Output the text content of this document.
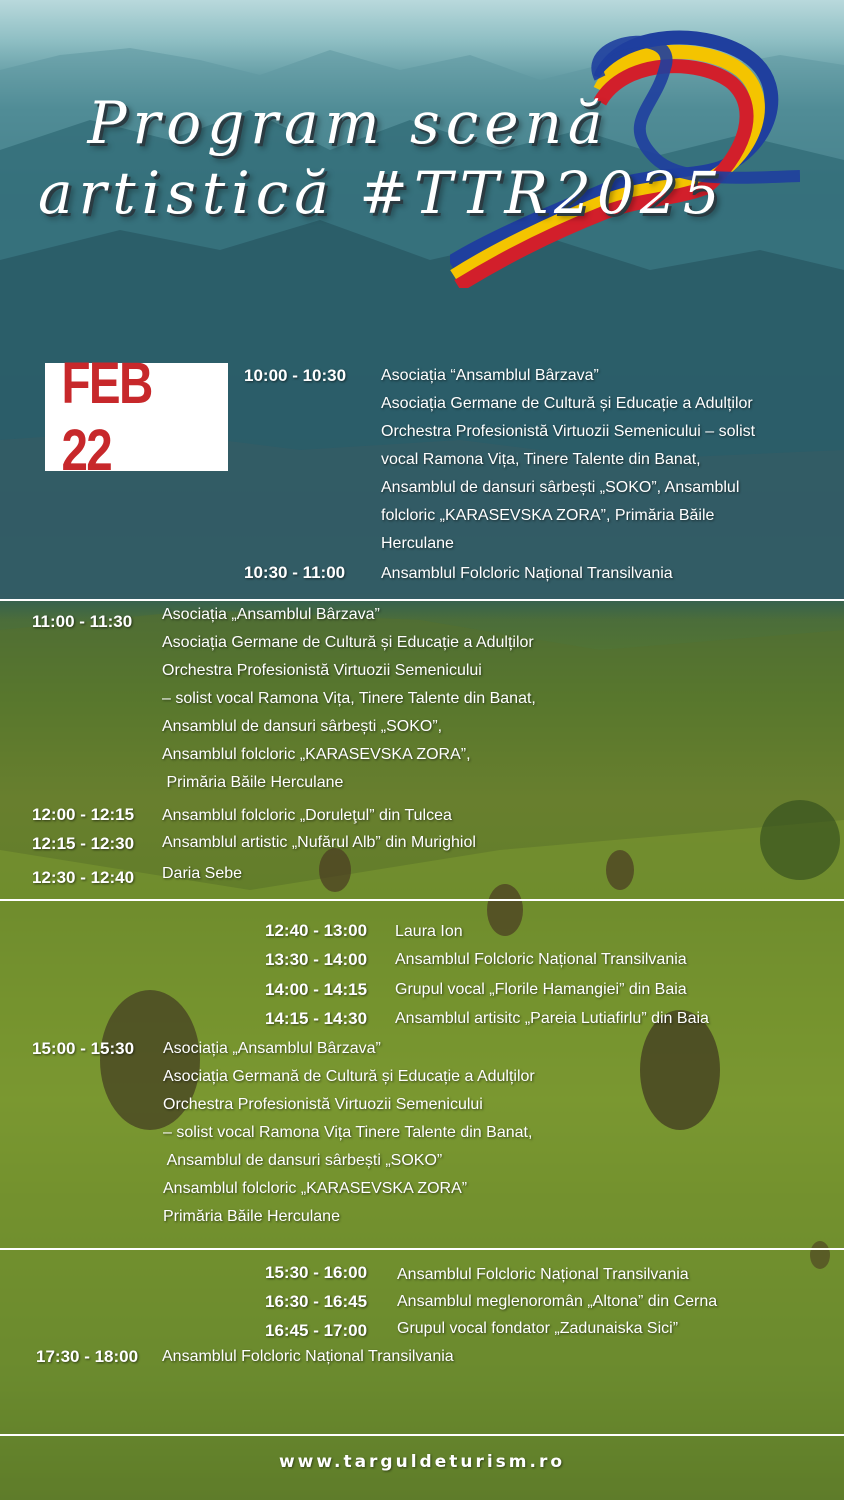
Program scenă
artistică #TTR2025
FEB 22
10:00 - 10:30 Asociația “Ansamblul Bârzava”
Asociația Germane de Cultură și Educație a Adulților
Orchestra Profesionistă Virtuozii Semenicului – solist
vocal Ramona Vița, Tinere Talente din Banat,
Ansamblul de dansuri sârbești „SOKO”, Ansamblul
folcloric „KARASEVSKA ZORA”, Primăria Băile
Herculane
10:30 - 11:00 Ansamblul Folcloric Național Transilvania
11:00 - 11:30 Asociația „Ansamblul Bârzava”
Asociația Germane de Cultură și Educație a Adulților
Orchestra Profesionistă Virtuozii Semenicului
– solist vocal Ramona Vița, Tinere Talente din Banat,
Ansamblul de dansuri sârbești „SOKO”,
Ansamblul folcloric „KARASEVSKA ZORA”,
Primăria Băile Herculane
12:00 - 12:15 Ansamblul folcloric „Doruleţul” din Tulcea
12:15 - 12:30 Ansamblul artistic „Nufărul Alb” din Murighiol
12:30 - 12:40 Daria Sebe
12:40 - 13:00 Laura Ion
13:30 - 14:00 Ansamblul Folcloric Național Transilvania
14:00 - 14:15 Grupul vocal „Florile Hamangiei” din Baia
14:15 - 14:30 Ansamblul artisitc „Pareia Lutiafirlu” din Baia
15:00 - 15:30 Asociația „Ansamblul Bârzava”
Asociația Germană de Cultură și Educație a Adulților
Orchestra Profesionistă Virtuozii Semenicului
– solist vocal Ramona Vița Tinere Talente din Banat,
Ansamblul de dansuri sârbești „SOKO”
Ansamblul folcloric „KARASEVSKA ZORA”
Primăria Băile Herculane
15:30 - 16:00 Ansamblul Folcloric Național Transilvania
16:30 - 16:45 Ansamblul meglenoromân „Altona” din Cerna
16:45 - 17:00 Grupul vocal fondator „Zadunaiska Sici”
17:30 - 18:00 Ansamblul Folcloric Național Transilvania
www.targuldeturism.ro
